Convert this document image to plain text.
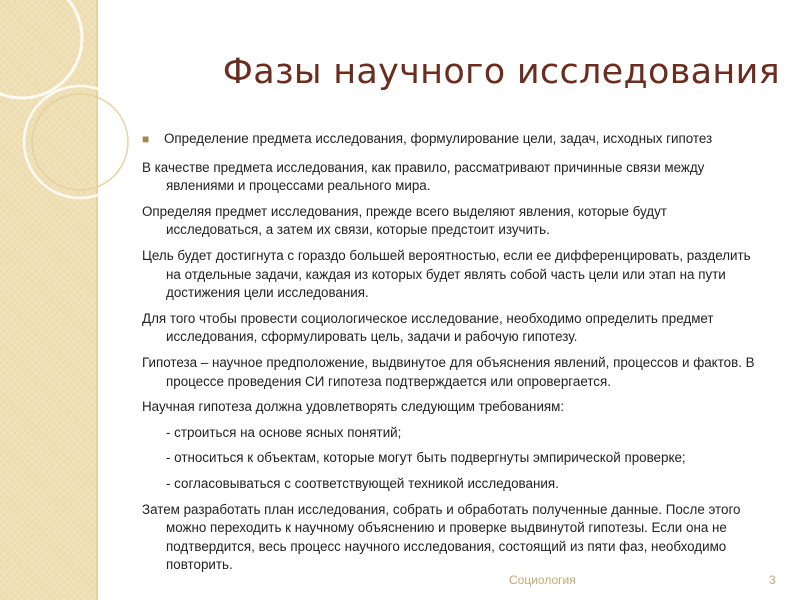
Фазы научного исследования
■ Определение предмета исследования, формулирование цели, задач, исходных гипотез
В качестве предмета исследования, как правило, рассматривают причинные связи между явлениями и процессами реального мира.
Определяя предмет исследования, прежде всего выделяют явления, которые будут исследоваться, а затем их связи, которые предстоит изучить.
Цель будет достигнута с гораздо большей вероятностью, если ее дифференцировать, разделить на отдельные задачи, каждая из которых будет являть собой часть цели или этап на пути достижения цели исследования.
Для того чтобы провести социологическое исследование, необходимо определить предмет исследования, сформулировать цель, задачи и рабочую гипотезу.
Гипотеза – научное предположение, выдвинутое для объяснения явлений, процессов и фактов. В процессе проведения СИ гипотеза подтверждается или опровергается.
Научная гипотеза должна удовлетворять следующим требованиям:
- строиться на основе ясных понятий;
- относиться к объектам, которые могут быть подвергнуты эмпирической проверке;
- согласовываться с соответствующей техникой исследования.
Затем разработать план исследования, собрать и обработать полученные данные. После этого можно переходить к научному объяснению и проверке выдвинутой гипотезы. Если она не подтвердится, весь процесс научного исследования, состоящий из пяти фаз, необходимо повторить.
Социология	3
